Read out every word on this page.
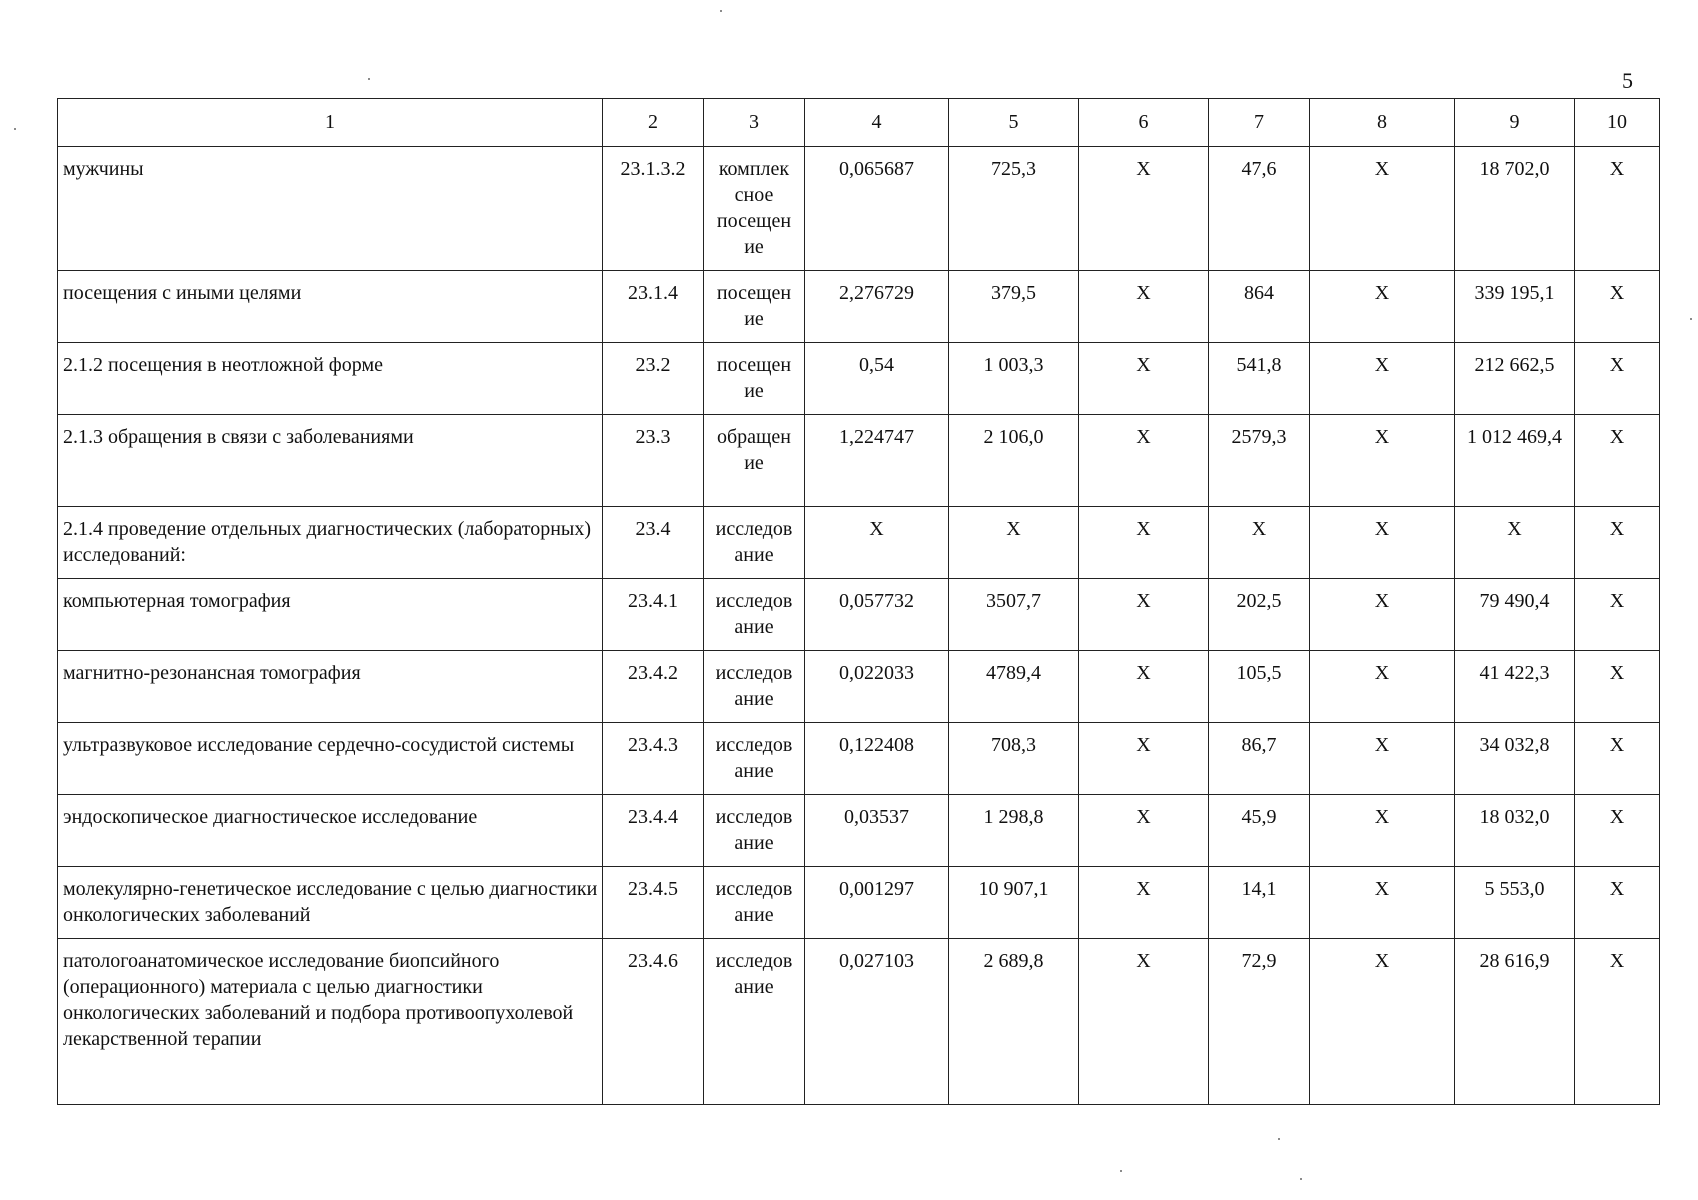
5
1	2	3	4	5	6	7	8	9	10
мужчины	23.1.3.2	комплек сное посещен ие	0,065687	725,3	X	47,6	X	18 702,0	X
посещения с иными целями	23.1.4	посещен ие	2,276729	379,5	X	864	X	339 195,1	X
2.1.2 посещения в неотложной форме	23.2	посещен ие	0,54	1 003,3	X	541,8	X	212 662,5	X
2.1.3 обращения в связи с заболеваниями	23.3	обращен ие	1,224747	2 106,0	X	2579,3	X	1 012 469,4	X
2.1.4 проведение отдельных диагностических (лабораторных) исследований:	23.4	исследов ание	X	X	X	X	X	X	X
компьютерная томография	23.4.1	исследов ание	0,057732	3507,7	X	202,5	X	79 490,4	X
магнитно-резонансная томография	23.4.2	исследов ание	0,022033	4789,4	X	105,5	X	41 422,3	X
ультразвуковое исследование сердечно-сосудистой системы	23.4.3	исследов ание	0,122408	708,3	X	86,7	X	34 032,8	X
эндоскопическое диагностическое исследование	23.4.4	исследов ание	0,03537	1 298,8	X	45,9	X	18 032,0	X
молекулярно-генетическое исследование с целью диагностики онкологических заболеваний	23.4.5	исследов ание	0,001297	10 907,1	X	14,1	X	5 553,0	X
патологоанатомическое исследование биопсийного (операционного) материала с целью диагностики онкологических заболеваний и подбора противоопухолевой лекарственной терапии	23.4.6	исследов ание	0,027103	2 689,8	X	72,9	X	28 616,9	X
